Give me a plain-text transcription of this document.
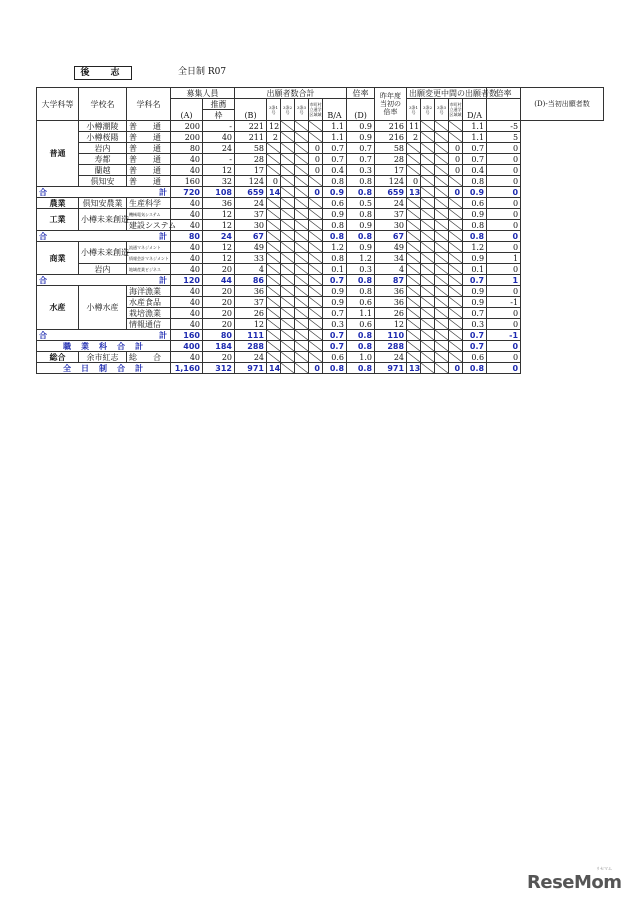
後　志	全日制 R07
大学科等	学校名	学科名	募集人員		出願者数合計						倍率	昨年度当初の倍率	出願変更中間の出願者数					倍率	(D)-当初出願者数
			(A)	推薦	(B)	3条1号	3条2号	3条3号	市町村立通学区域域	B/A	(D)		3条1号	3条2号	3条3号	市町村立通学区域域	D/A		
				枠															
普通	小樽潮陵	普　　通	200	-	221	12				1.1	0.9	216	11				1.1	-5	
	小樽桜陽	普　　通	200	40	211	2				1.1	0.9	216	2				1.1	5	
	岩内	普　　通	80	24	58				0	0.7	0.7	58				0	0.7	0	
	寿都	普　　通	40	-	28				0	0.7	0.7	28				0	0.7	0	
	蘭越	普　　通	40	12	17				0	0.4	0.3	17				0	0.4	0	
	倶知安	普　　通	160	32	124	0				0.8	0.8	124	0				0.8	0	

合 計			720	108	659	14			0	0.9	0.8	659	13			0	0.9	0	
農業	倶知安農業	生産科学	40	36	24					0.6	0.5	24					0.6	0	
工業	小樽未来創造	機械電気システム	40	12	37					0.9	0.8	37					0.9	0	
		建設システム	40	12	30					0.8	0.9	30					0.8	0	

合 計			80	24	67					0.8	0.8	67					0.8	0	
商業	小樽未来創造	流通マネジメント	40	12	49					1.2	0.9	49					1.2	0	
		情報会計マネジメント	40	12	33					0.8	1.2	34					0.9	1	
	岩内	地域産業ビジネス	40	20	4					0.1	0.3	4					0.1	0	

合 計			120	44	86					0.7	0.8	87					0.7	1	
水産	小樽水産	海洋漁業	40	20	36					0.9	0.8	36					0.9	0	
		水産食品	40	20	37					0.9	0.6	36					0.9	-1	
		栽培漁業	40	20	26					0.7	1.1	26					0.7	0	
		情報通信	40	20	12					0.3	0.6	12					0.3	0	

合 計			160	80	111					0.7	0.8	110					0.7	-1	
職　業　科　合　計			400	184	288					0.7	0.8	288					0.7	0	
総合	余市紅志	総　　合	40	20	24					0.6	1.0	24					0.6	0	
全　日　制　合　計			1,160	312	971	14			0	0.8	0.8	971	13			0	0.8	0	
ReseMom
リセマム
